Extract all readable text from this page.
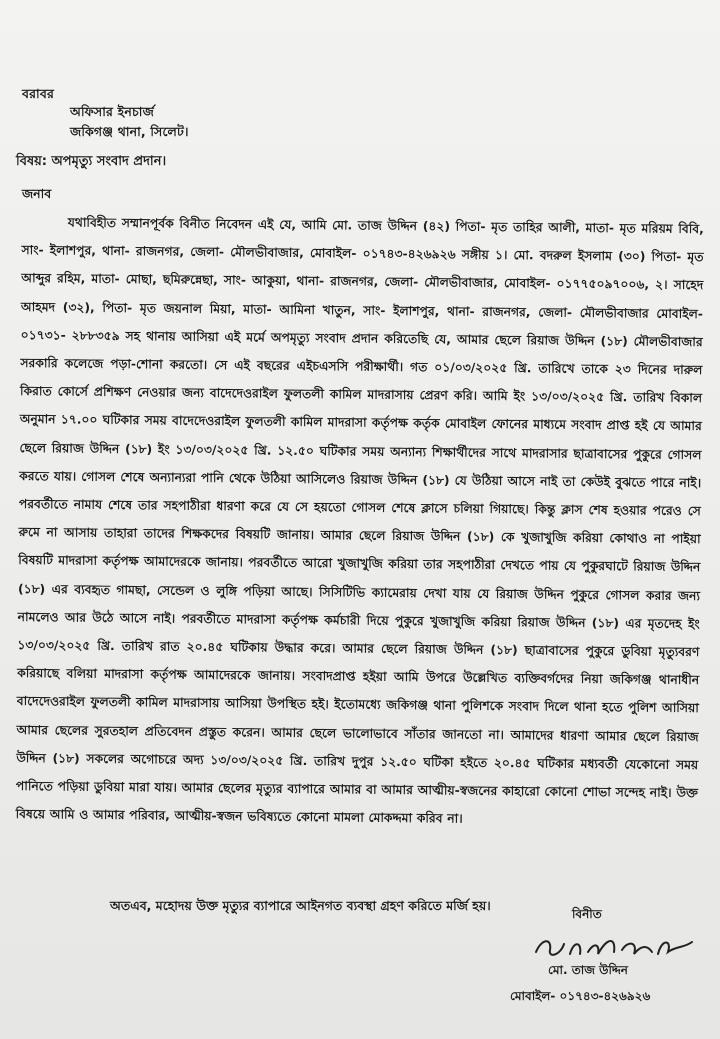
বরাবর
অফিসার ইনচার্জ
জকিগঞ্জ থানা, সিলেট।
বিষয়: অপমৃত্যু সংবাদ প্রদান।
জনাব

যথাবিহীত সম্মানপূর্বক বিনীত নিবেদন এই যে, আমি মো. তাজ উদ্দিন (৪২) পিতা- মৃত তাহির আলী, মাতা- মৃত মরিয়ম বিবি, সাং- ইলাশপুর, থানা- রাজনগর, জেলা- মৌলভীবাজার, মোবাইল- ০১৭৪৩-৪২৬৯২৬ সঙ্গীয় ১। মো. বদরুল ইসলাম (৩০) পিতা- মৃত আব্দুর রহিম, মাতা- মোছা, ছমিরুন্নেছা, সাং- আকুয়া, থানা- রাজনগর, জেলা- মৌলভীবাজার, মোবাইল- ০১৭৭৫০৯৭০০৬, ২। সাহেদ আহমদ (৩২), পিতা- মৃত জয়নাল মিয়া, মাতা- আমিনা খাতুন, সাং- ইলাশপুর, থানা- রাজনগর, জেলা- মৌলভীবাজার মোবাইল- ০১৭৩১- ২৮৮৩৫৯ সহ থানায় আসিয়া এই মর্মে অপমৃত্যু সংবাদ প্রদান করিতেছি যে, আমার ছেলে রিয়াজ উদ্দিন (১৮) মৌলভীবাজার সরকারি কলেজে পড়া-শোনা করতো। সে এই বছরের এইচএসসি পরীক্ষার্থী। গত ০১/০৩/২০২৫ খ্রি. তারিখে তাকে ২৩ দিনের দারুল কিরাত কোর্সে প্রশিক্ষণ নেওয়ার জন্য বাদেদেওরাইল ফুলতলী কামিল মাদরাসায় প্রেরণ করি। আমি ইং ১৩/০৩/২০২৫ খ্রি. তারিখ বিকাল অনুমান ১৭.০০ ঘটিকার সময় বাদেদেওরাইল ফুলতলী কামিল মাদরাসা কর্তৃপক্ষ কর্তৃক মোবাইল ফোনের মাধ্যমে সংবাদ প্রাপ্ত হই যে আমার ছেলে রিয়াজ উদ্দিন (১৮) ইং ১৩/০৩/২০২৫ খ্রি. ১২.৫০ ঘটিকার সময় অন্যান্য শিক্ষার্থীদের সাথে মাদরাসার ছাত্রাবাসের পুকুরে গোসল করতে যায়। গোসল শেষে অন্যান্যরা পানি থেকে উঠিয়া আসিলেও রিয়াজ উদ্দিন (১৮) যে উঠিয়া আসে নাই তা কেউই বুঝতে পারে নাই। পরবর্তীতে নামায শেষে তার সহপাঠীরা ধারণা করে যে সে হয়তো গোসল শেষে ক্লাসে চলিয়া গিয়াছে। কিন্তু ক্লাস শেষ হওয়ার পরেও সে রুমে না আসায় তাহারা তাদের শিক্ষকদের বিষয়টি জানায়। আমার ছেলে রিয়াজ উদ্দিন (১৮) কে খুজাখুজি করিয়া কোথাও না পাইয়া বিষয়টি মাদরাসা কর্তৃপক্ষ আমাদেরকে জানায়। পরবর্তীতে আরো খুজাখুজি করিয়া তার সহপাঠীরা দেখতে পায় যে পুকুরঘাটে রিয়াজ উদ্দিন (১৮) এর ব্যবহৃত গামছা, সেন্ডেল ও লুঙ্গি পড়িয়া আছে। সিসিটিভি ক্যামেরায় দেখা যায় যে রিয়াজ উদ্দিন পুকুরে গোসল করার জন্য নামলেও আর উঠে আসে নাই। পরবর্তীতে মাদরাসা কর্তৃপক্ষ কর্মচারী দিয়ে পুকুরে খুজাখুজি করিয়া রিয়াজ উদ্দিন (১৮) এর মৃতদেহ ইং ১৩/০৩/২০২৫ খ্রি. তারিখ রাত ২০.৪৫ ঘটিকায় উদ্ধার করে। আমার ছেলে রিয়াজ উদ্দিন (১৮) ছাত্রাবাসের পুকুরে ডুবিয়া মৃত্যুবরণ করিয়াছে বলিয়া মাদরাসা কর্তৃপক্ষ আমাদেরকে জানায়। সংবাদপ্রাপ্ত হইয়া আমি উপরে উল্লেখিত ব্যক্তিবর্গদের নিয়া জকিগঞ্জ থানাধীন বাদেদেওরাইল ফুলতলী কামিল মাদরাসায় আসিয়া উপস্থিত হই। ইতোমধ্যে জকিগঞ্জ থানা পুলিশকে সংবাদ দিলে থানা হতে পুলিশ আসিয়া আমার ছেলের সুরতহাল প্রতিবেদন প্রস্তুত করেন। আমার ছেলে ভালোভাবে সাঁতার জানতো না। আমাদের ধারণা আমার ছেলে রিয়াজ উদ্দিন (১৮) সকলের অগোচরে অদ্য ১৩/০৩/২০২৫ খ্রি. তারিখ দুপুর ১২.৫০ ঘটিকা হইতে ২০.৪৫ ঘটিকার মধ্যবর্তী যেকোনো সময় পানিতে পড়িয়া ডুবিয়া মারা যায়। আমার ছেলের মৃত্যুর ব্যাপারে আমার বা আমার আত্মীয়-স্বজনের কাহারো কোনো শোভা সন্দেহ নাই। উক্ত বিষয়ে আমি ও আমার পরিবার, আত্মীয়-স্বজন ভবিষ্যতে কোনো মামলা মোকদ্দমা করিব না।

অতএব, মহোদয় উক্ত মৃত্যুর ব্যাপারে আইনগত ব্যবস্থা গ্রহণ করিতে মর্জি হয়।
বিনীত
মো. তাজ উদ্দিন
মোবাইল- ০১৭৪৩-৪২৬৯২৬
